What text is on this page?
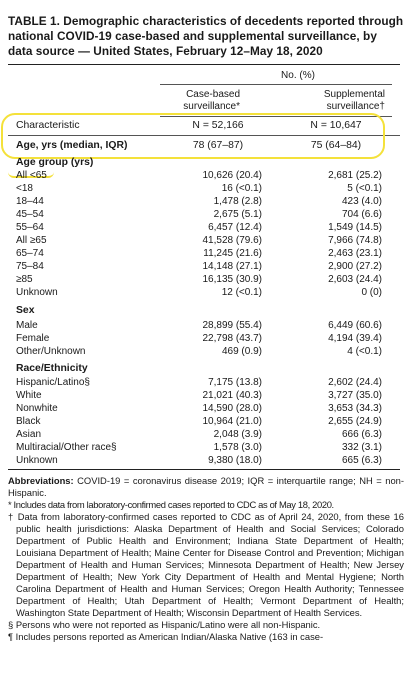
TABLE 1. Demographic characteristics of decedents reported through national COVID-19 case-based and supplemental surveillance, by data source — United States, February 12–May 18, 2020
No. (%)
Case-based
surveillance*
Supplemental
surveillance†
Characteristic	N = 52,166	N = 10,647
Age, yrs (median, IQR)	78 (67–87)	75 (64–84)
Age group (yrs)
All <65	10,626 (20.4)	2,681 (25.2)
<18	16 (<0.1)	5 (<0.1)
18–44	1,478 (2.8)	423 (4.0)
45–54	2,675 (5.1)	704 (6.6)
55–64	6,457 (12.4)	1,549 (14.5)
All ≥65	41,528 (79.6)	7,966 (74.8)
65–74	11,245 (21.6)	2,463 (23.1)
75–84	14,148 (27.1)	2,900 (27.2)
≥85	16,135 (30.9)	2,603 (24.4)
Unknown	12 (<0.1)	0 (0)
Sex
Male	28,899 (55.4)	6,449 (60.6)
Female	22,798 (43.7)	4,194 (39.4)
Other/Unknown	469 (0.9)	4 (<0.1)
Race/Ethnicity
Hispanic/Latino§	7,175 (13.8)	2,602 (24.4)
White	21,021 (40.3)	3,727 (35.0)
Nonwhite	14,590 (28.0)	3,653 (34.3)
Black	10,964 (21.0)	2,655 (24.9)
Asian	2,048 (3.9)	666 (6.3)
Multiracial/Other race§	1,578 (3.0)	332 (3.1)
Unknown	9,380 (18.0)	665 (6.3)
Abbreviations: COVID-19 = coronavirus disease 2019; IQR = interquartile range; NH = non-Hispanic.
* Includes data from laboratory-confirmed cases reported to CDC as of May 18, 2020.
† Data from laboratory-confirmed cases reported to CDC as of April 24, 2020, from these 16 public health jurisdictions: Alaska Department of Health and Social Services; Colorado Department of Public Health and Environment; Indiana State Department of Health; Louisiana Department of Health; Maine Center for Disease Control and Prevention; Michigan Department of Health and Human Services; Minnesota Department of Health; New Jersey Department of Health; New York City Department of Health and Mental Hygiene; North Carolina Department of Health and Human Services; Oregon Health Authority; Tennessee Department of Health; Utah Department of Health; Vermont Department of Health; Washington State Department of Health; Wisconsin Department of Health Services.
§ Persons who were not reported as Hispanic/Latino were all non-Hispanic.
¶ Includes persons reported as American Indian/Alaska Native (163 in case-
